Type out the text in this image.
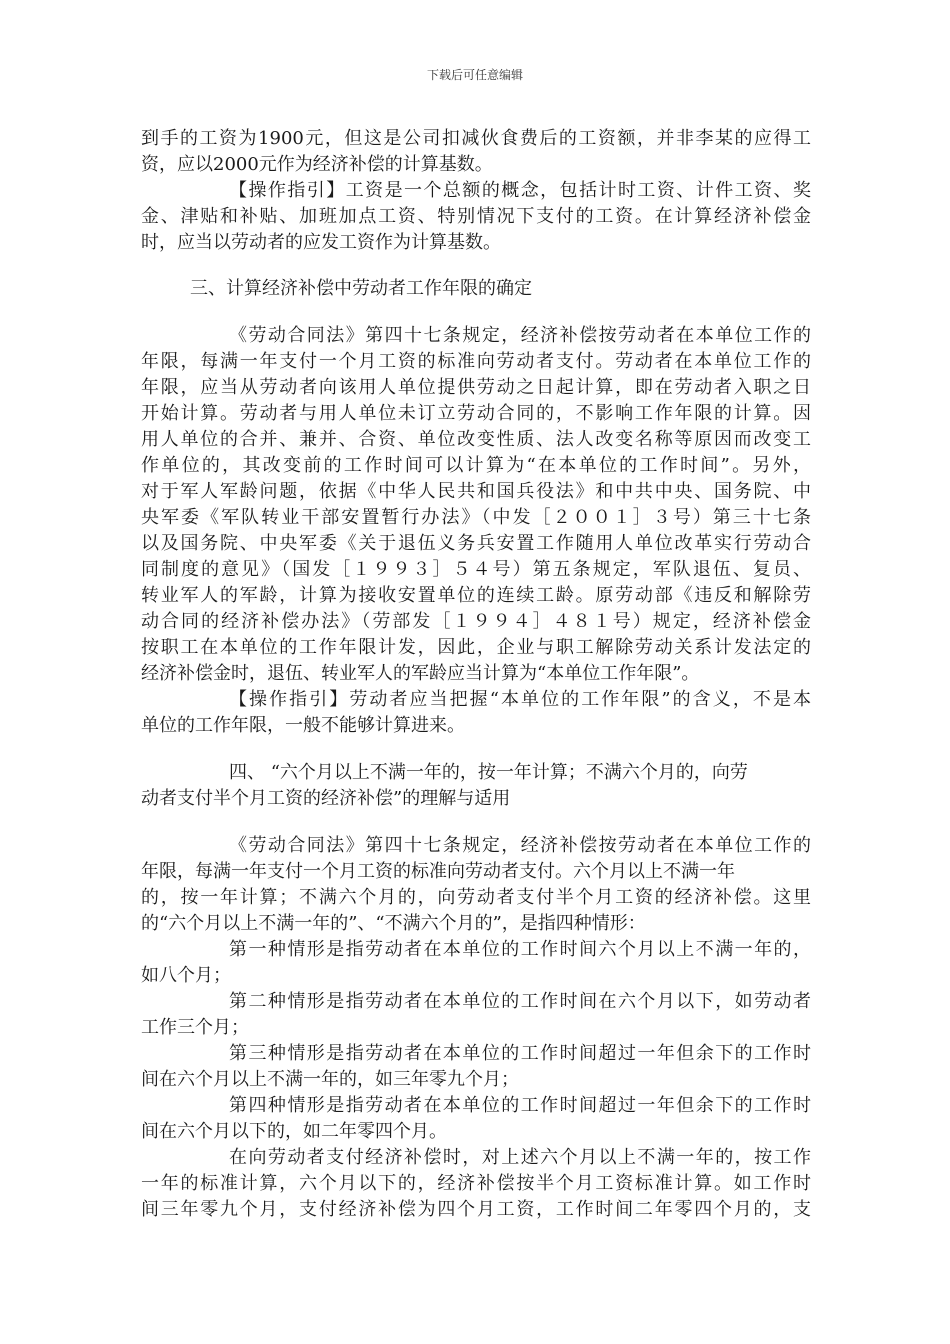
下载后可任意编辑
到手的工资为1900元，但这是公司扣减伙食费后的工资额，并非李某的应得工
资，应以2000元作为经济补偿的计算基数。
【操作指引】工资是一个总额的概念，包括计时工资、计件工资、奖
金、津贴和补贴、加班加点工资、特别情况下支付的工资。在计算经济补偿金
时，应当以劳动者的应发工资作为计算基数。
三、计算经济补偿中劳动者工作年限的确定
《劳动合同法》第四十七条规定，经济补偿按劳动者在本单位工作的
年限，每满一年支付一个月工资的标准向劳动者支付。劳动者在本单位工作的
年限，应当从劳动者向该用人单位提供劳动之日起计算，即在劳动者入职之日
开始计算。劳动者与用人单位未订立劳动合同的，不影响工作年限的计算。因
用人单位的合并、兼并、合资、单位改变性质、法人改变名称等原因而改变工
作单位的，其改变前的工作时间可以计算为“在本单位的工作时间”。另外，
对于军人军龄问题，依据《中华人民共和国兵役法》和中共中央、国务院、中
央军委《军队转业干部安置暂行办法》（中发［２００１］３号）第三十七条
以及国务院、中央军委《关于退伍义务兵安置工作随用人单位改革实行劳动合
同制度的意见》（国发［１９９３］５４号）第五条规定，军队退伍、复员、
转业军人的军龄，计算为接收安置单位的连续工龄。原劳动部《违反和解除劳
动合同的经济补偿办法》（劳部发［１９９４］４８１号）规定，经济补偿金
按职工在本单位的工作年限计发，因此，企业与职工解除劳动关系计发法定的
经济补偿金时，退伍、转业军人的军龄应当计算为“本单位工作年限”。
【操作指引】劳动者应当把握“本单位的工作年限”的含义，不是本
单位的工作年限，一般不能够计算进来。
四、 “六个月以上不满一年的，按一年计算；不满六个月的，向劳
动者支付半个月工资的经济补偿”的理解与适用
《劳动合同法》第四十七条规定，经济补偿按劳动者在本单位工作的
年限，每满一年支付一个月工资的标准向劳动者支付。六个月以上不满一年
的，按一年计算；不满六个月的，向劳动者支付半个月工资的经济补偿。这里
的“六个月以上不满一年的”、“不满六个月的”，是指四种情形：
第一种情形是指劳动者在本单位的工作时间六个月以上不满一年的，
如八个月；
第二种情形是指劳动者在本单位的工作时间在六个月以下，如劳动者
工作三个月；
第三种情形是指劳动者在本单位的工作时间超过一年但余下的工作时
间在六个月以上不满一年的，如三年零九个月；
第四种情形是指劳动者在本单位的工作时间超过一年但余下的工作时
间在六个月以下的，如二年零四个月。
在向劳动者支付经济补偿时，对上述六个月以上不满一年的，按工作
一年的标准计算，六个月以下的，经济补偿按半个月工资标准计算。如工作时
间三年零九个月，支付经济补偿为四个月工资，工作时间二年零四个月的，支
